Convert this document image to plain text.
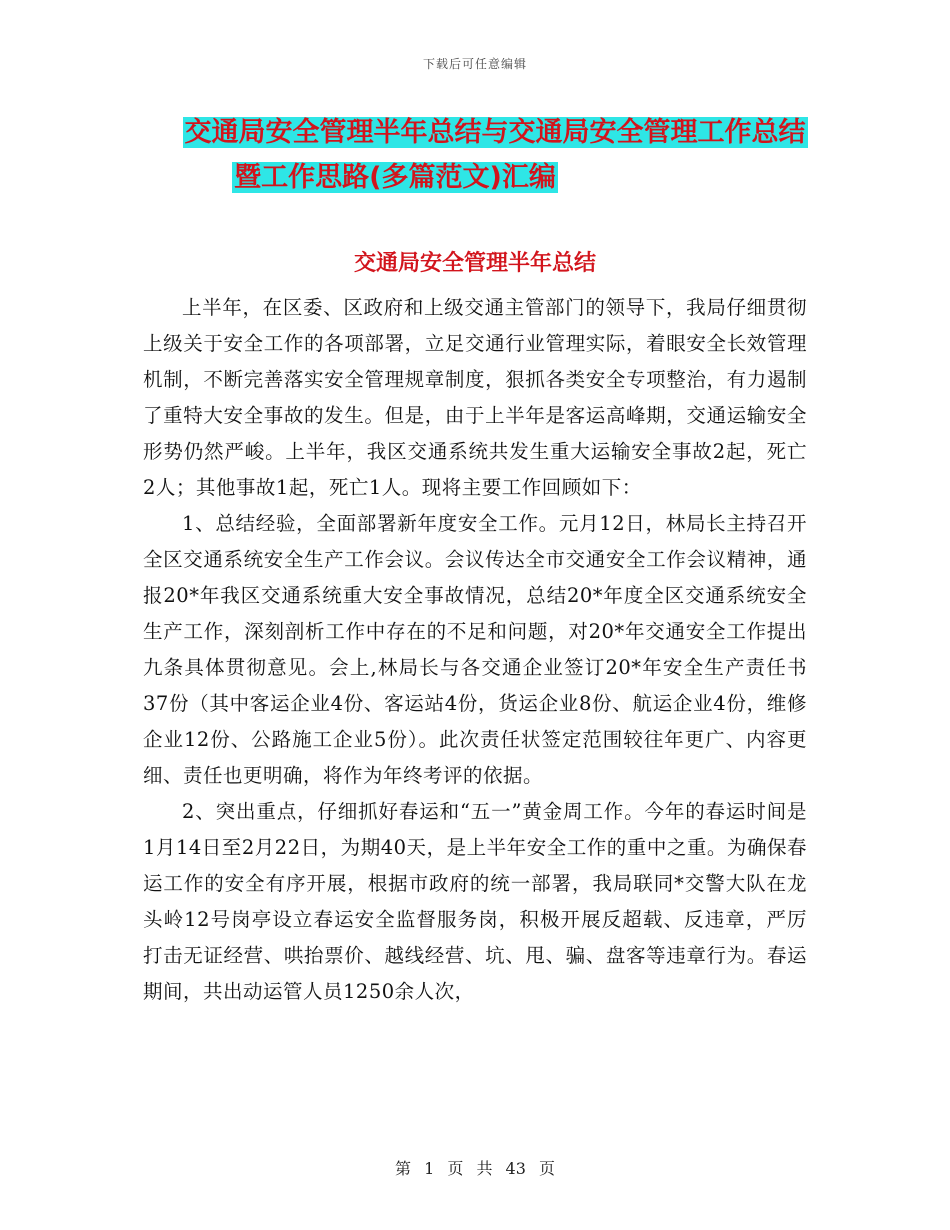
下载后可任意编辑
交通局安全管理半年总结与交通局安全管理工作总结
暨工作思路(多篇范文)汇编
交通局安全管理半年总结

上半年，在区委、区政府和上级交通主管部门的领导下，我局仔细贯彻上级关于安全工作的各项部署，立足交通行业管理实际，着眼安全长效管理机制，不断完善落实安全管理规章制度，狠抓各类安全专项整治，有力遏制了重特大安全事故的发生。但是，由于上半年是客运高峰期，交通运输安全形势仍然严峻。上半年，我区交通系统共发生重大运输安全事故2起，死亡2人；其他事故1起，死亡1人。现将主要工作回顾如下：

1、总结经验，全面部署新年度安全工作。元月12日，林局长主持召开全区交通系统安全生产工作会议。会议传达全市交通安全工作会议精神，通报20*年我区交通系统重大安全事故情况，总结20*年度全区交通系统安全生产工作，深刻剖析工作中存在的不足和问题，对20*年交通安全工作提出九条具体贯彻意见。会上,林局长与各交通企业签订20*年安全生产责任书37份（其中客运企业4份、客运站4份，货运企业8份、航运企业4份，维修企业12份、公路施工企业5份）。此次责任状签定范围较往年更广、内容更细、责任也更明确，将作为年终考评的依据。

2、突出重点，仔细抓好春运和“五一”黄金周工作。今年的春运时间是1月14日至2月22日，为期40天，是上半年安全工作的重中之重。为确保春运工作的安全有序开展，根据市政府的统一部署，我局联同*交警大队在龙头岭12号岗亭设立春运安全监督服务岗，积极开展反超载、反违章，严厉打击无证经营、哄抬票价、越线经营、坑、甩、骗、盘客等违章行为。春运期间，共出动运管人员1250余人次，

第 1 页 共 43 页
